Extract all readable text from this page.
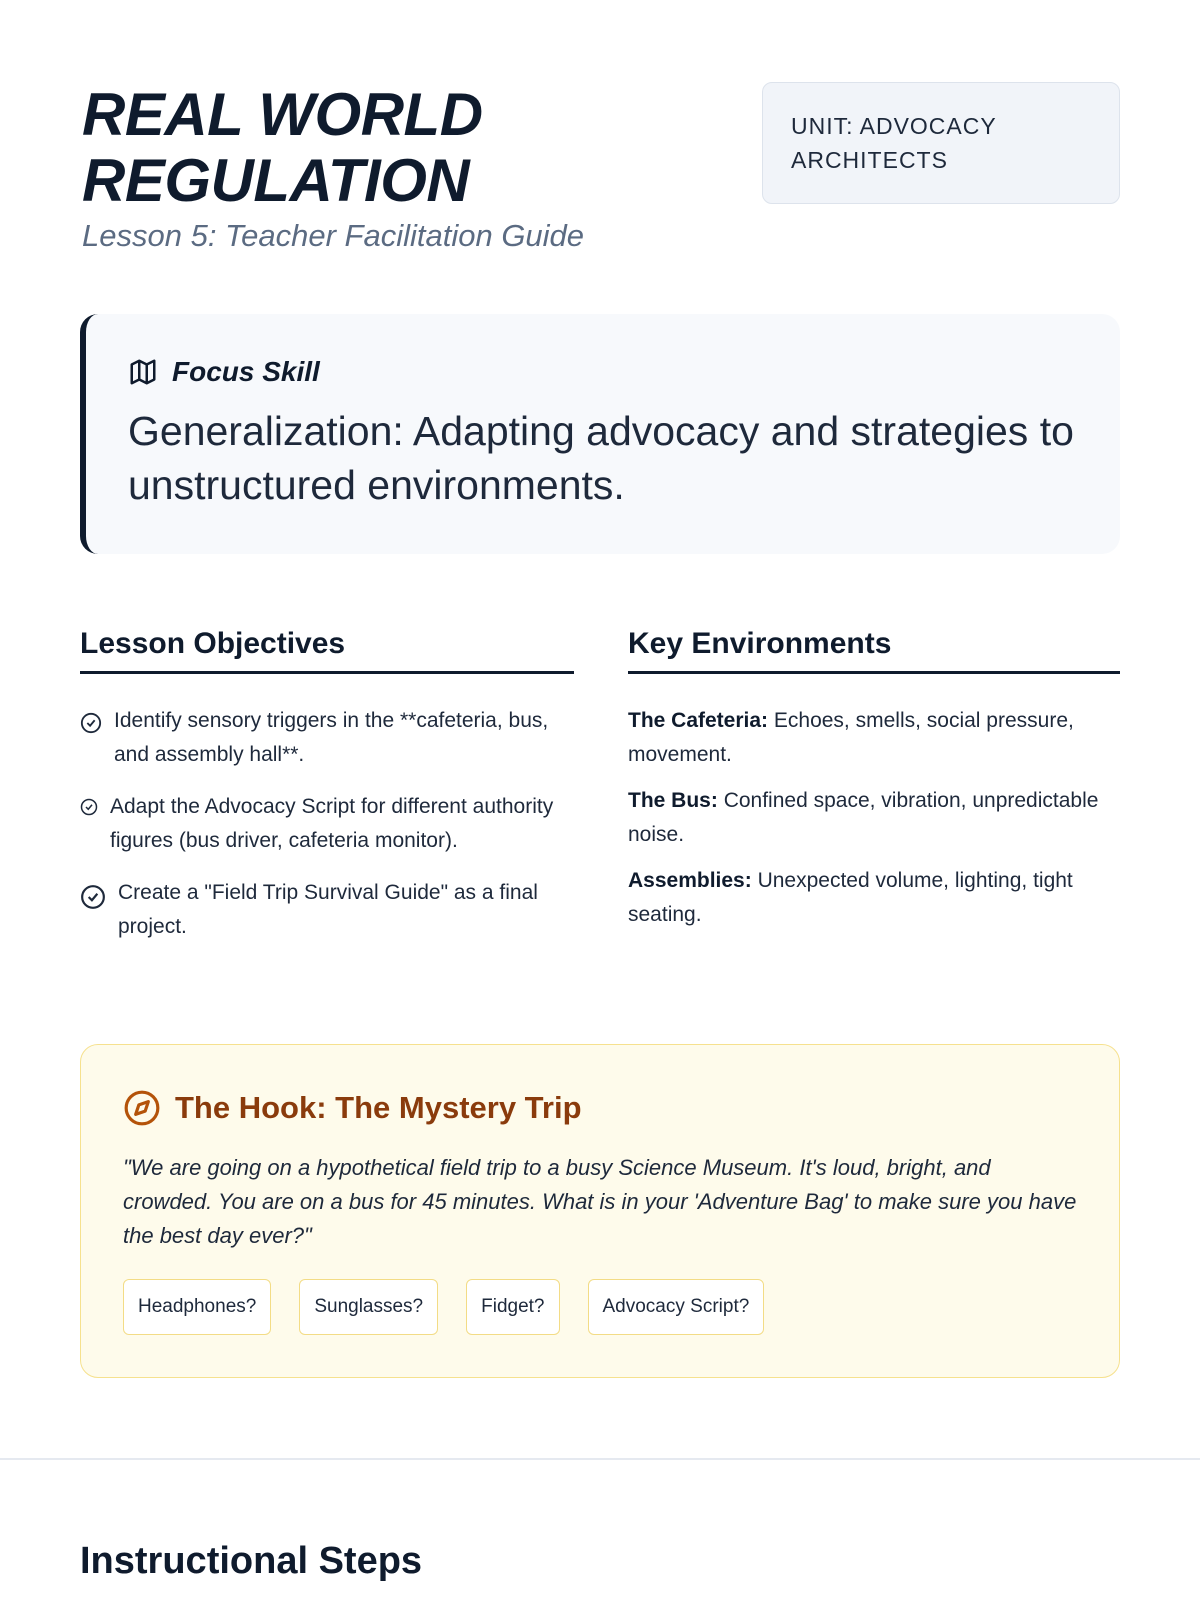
REAL WORLD
REGULATION
Lesson 5: Teacher Facilitation Guide
UNIT: ADVOCACY
ARCHITECTS
Focus Skill
Generalization: Adapting advocacy and strategies to unstructured environments.
Lesson Objectives
Identify sensory triggers in the **cafeteria, bus, and assembly hall**.
Adapt the Advocacy Script for different authority figures (bus driver, cafeteria monitor).
Create a "Field Trip Survival Guide" as a final project.
Key Environments

The Cafeteria: Echoes, smells, social pressure, movement.

The Bus: Confined space, vibration, unpredictable noise.

Assemblies: Unexpected volume, lighting, tight seating.

The Hook: The Mystery Trip

"We are going on a hypothetical field trip to a busy Science Museum. It's loud, bright, and crowded. You are on a bus for 45 minutes. What is in your 'Adventure Bag' to make sure you have the best day ever?"

Headphones?	Sunglasses?	Fidget?	Advocacy Script?
Instructional Steps
